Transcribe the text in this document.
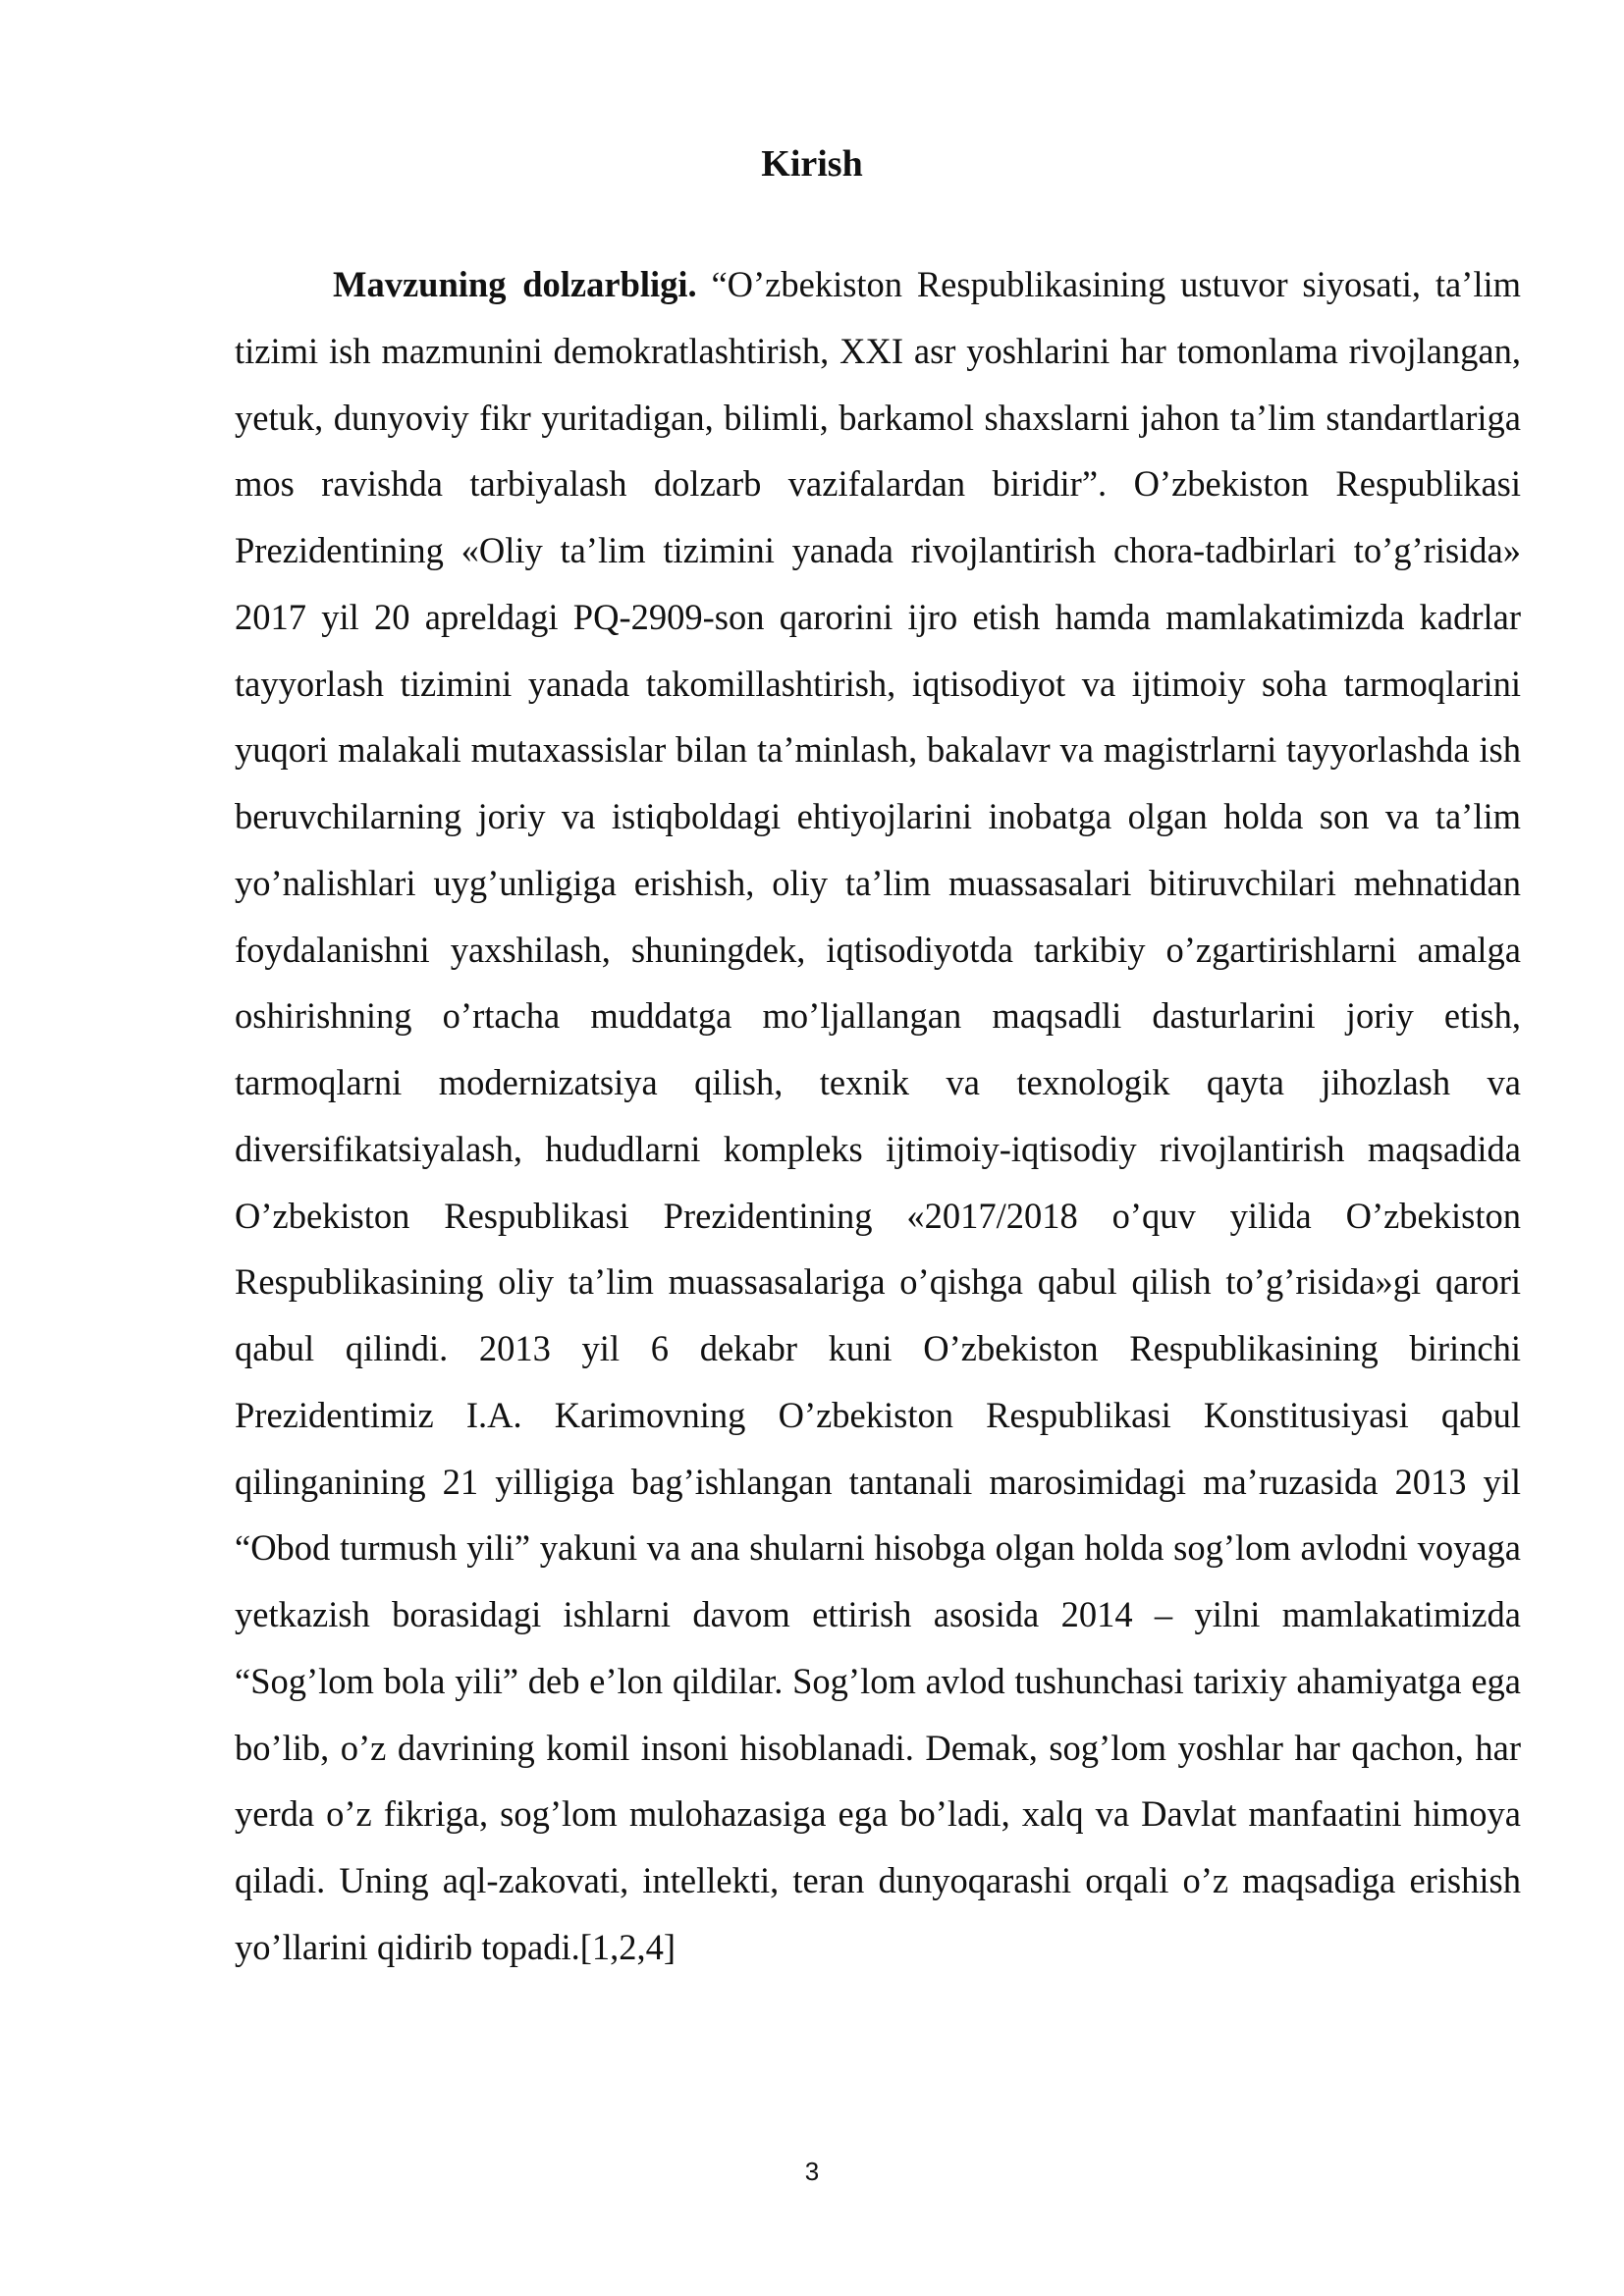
Kirish

Mavzuning dolzarbligi. “O’zbekiston Respublikasining ustuvor siyosati, ta’lim tizimi ish mazmunini demokratlashtirish, XXI asr yoshlarini har tomonlama rivojlangan, yetuk, dunyoviy fikr yuritadigan, bilimli, barkamol shaxslarni jahon ta’lim standartlariga mos ravishda tarbiyalash dolzarb vazifalardan biridir”. O’zbekiston Respublikasi Prezidentining «Oliy ta’lim tizimini yanada rivojlantirish chora-tadbirlari to’g’risida» 2017 yil 20 apreldagi PQ-2909-son qarorini ijro etish hamda mamlakatimizda kadrlar tayyorlash tizimini yanada takomillashtirish, iqtisodiyot va ijtimoiy soha tarmoqlarini yuqori malakali mutaxassislar bilan ta’minlash, bakalavr va magistrlarni tayyorlashda ish beruvchilarning joriy va istiqboldagi ehtiyojlarini inobatga olgan holda son va ta’lim yo’nalishlari uyg’unligiga erishish, oliy ta’lim muassasalari bitiruvchilari mehnatidan foydalanishni yaxshilash, shuningdek, iqtisodiyotda tarkibiy o’zgartirishlarni amalga oshirishning o’rtacha muddatga mo’ljallangan maqsadli dasturlarini joriy etish, tarmoqlarni modernizatsiya qilish, texnik va texnologik qayta jihozlash va diversifikatsiyalash, hududlarni kompleks ijtimoiy-iqtisodiy rivojlantirish maqsadida O’zbekiston Respublikasi Prezidentining «2017/2018 o’quv yilida O’zbekiston Respublikasining oliy ta’lim muassasalariga o’qishga qabul qilish to’g’risida»gi qarori qabul qilindi. 2013 yil 6 dekabr kuni O’zbekiston Respublikasining birinchi Prezidentimiz I.A. Karimovning O’zbekiston Respublikasi Konstitusiyasi qabul qilinganining 21 yilligiga bag’ishlangan tantanali marosimidagi ma’ruzasida 2013 yil “Obod turmush yili” yakuni va ana shularni hisobga olgan holda sog’lom avlodni voyaga yetkazish borasidagi ishlarni davom ettirish asosida 2014 – yilni mamlakatimizda “Sog’lom bola yili” deb e’lon qildilar. Sog’lom avlod tushunchasi tarixiy ahamiyatga ega bo’lib, o’z davrining komil insoni hisoblanadi. Demak, sog’lom yoshlar har qachon, har yerda o’z fikriga, sog’lom mulohazasiga ega bo’ladi, xalq va Davlat manfaatini himoya qiladi. Uning aql-zakovati, intellekti, teran dunyoqarashi orqali o’z maqsadiga erishish yo’llarini qidirib topadi.[1,2,4]

3
